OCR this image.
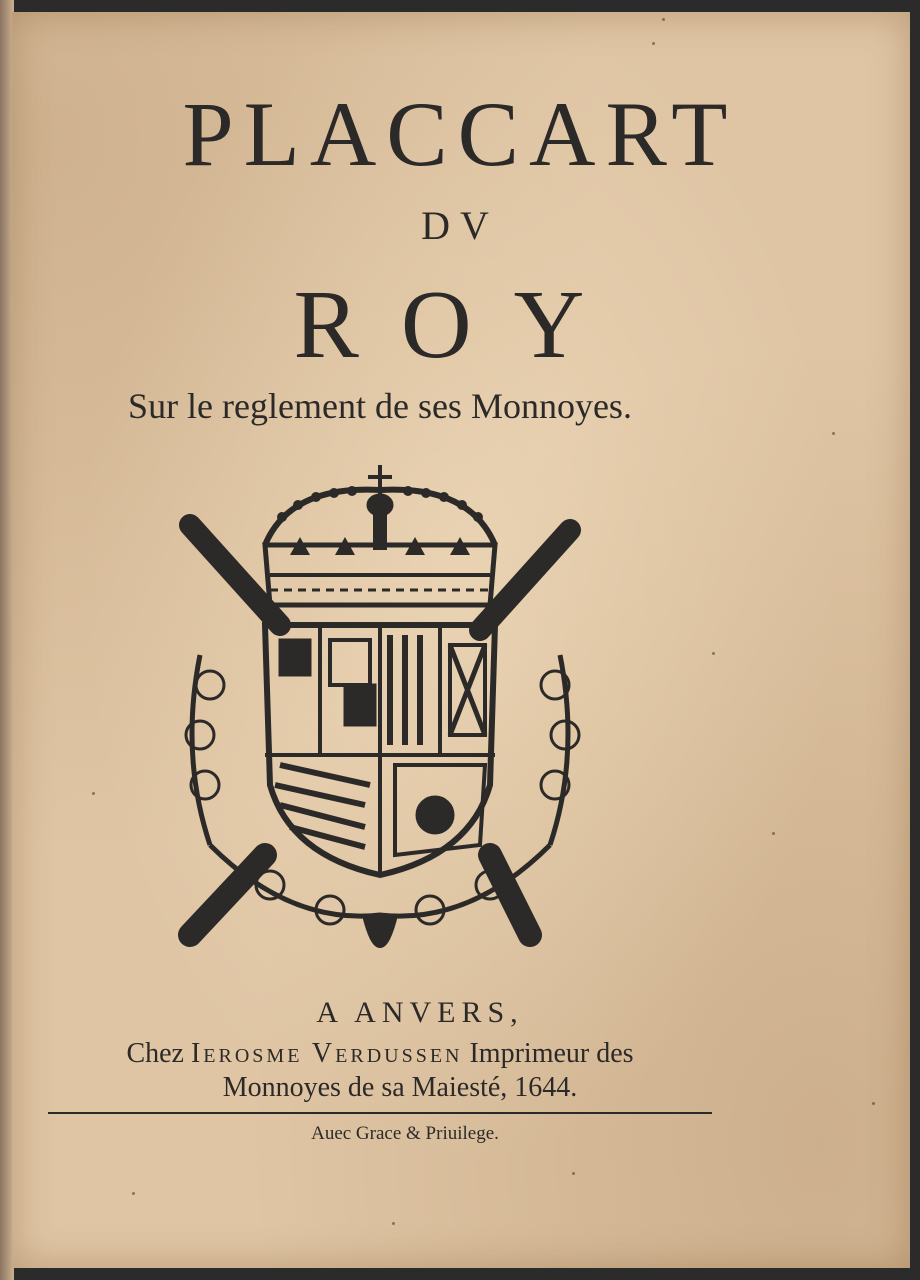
PLACCART
DV
ROY
Sur le reglement de ses Monnoyes.
A ANVERS,
Chez Ierosme Verdussen Imprimeur des
Monnoyes de sa Maiesté, 1644.
Auec Grace & Priuilege.
